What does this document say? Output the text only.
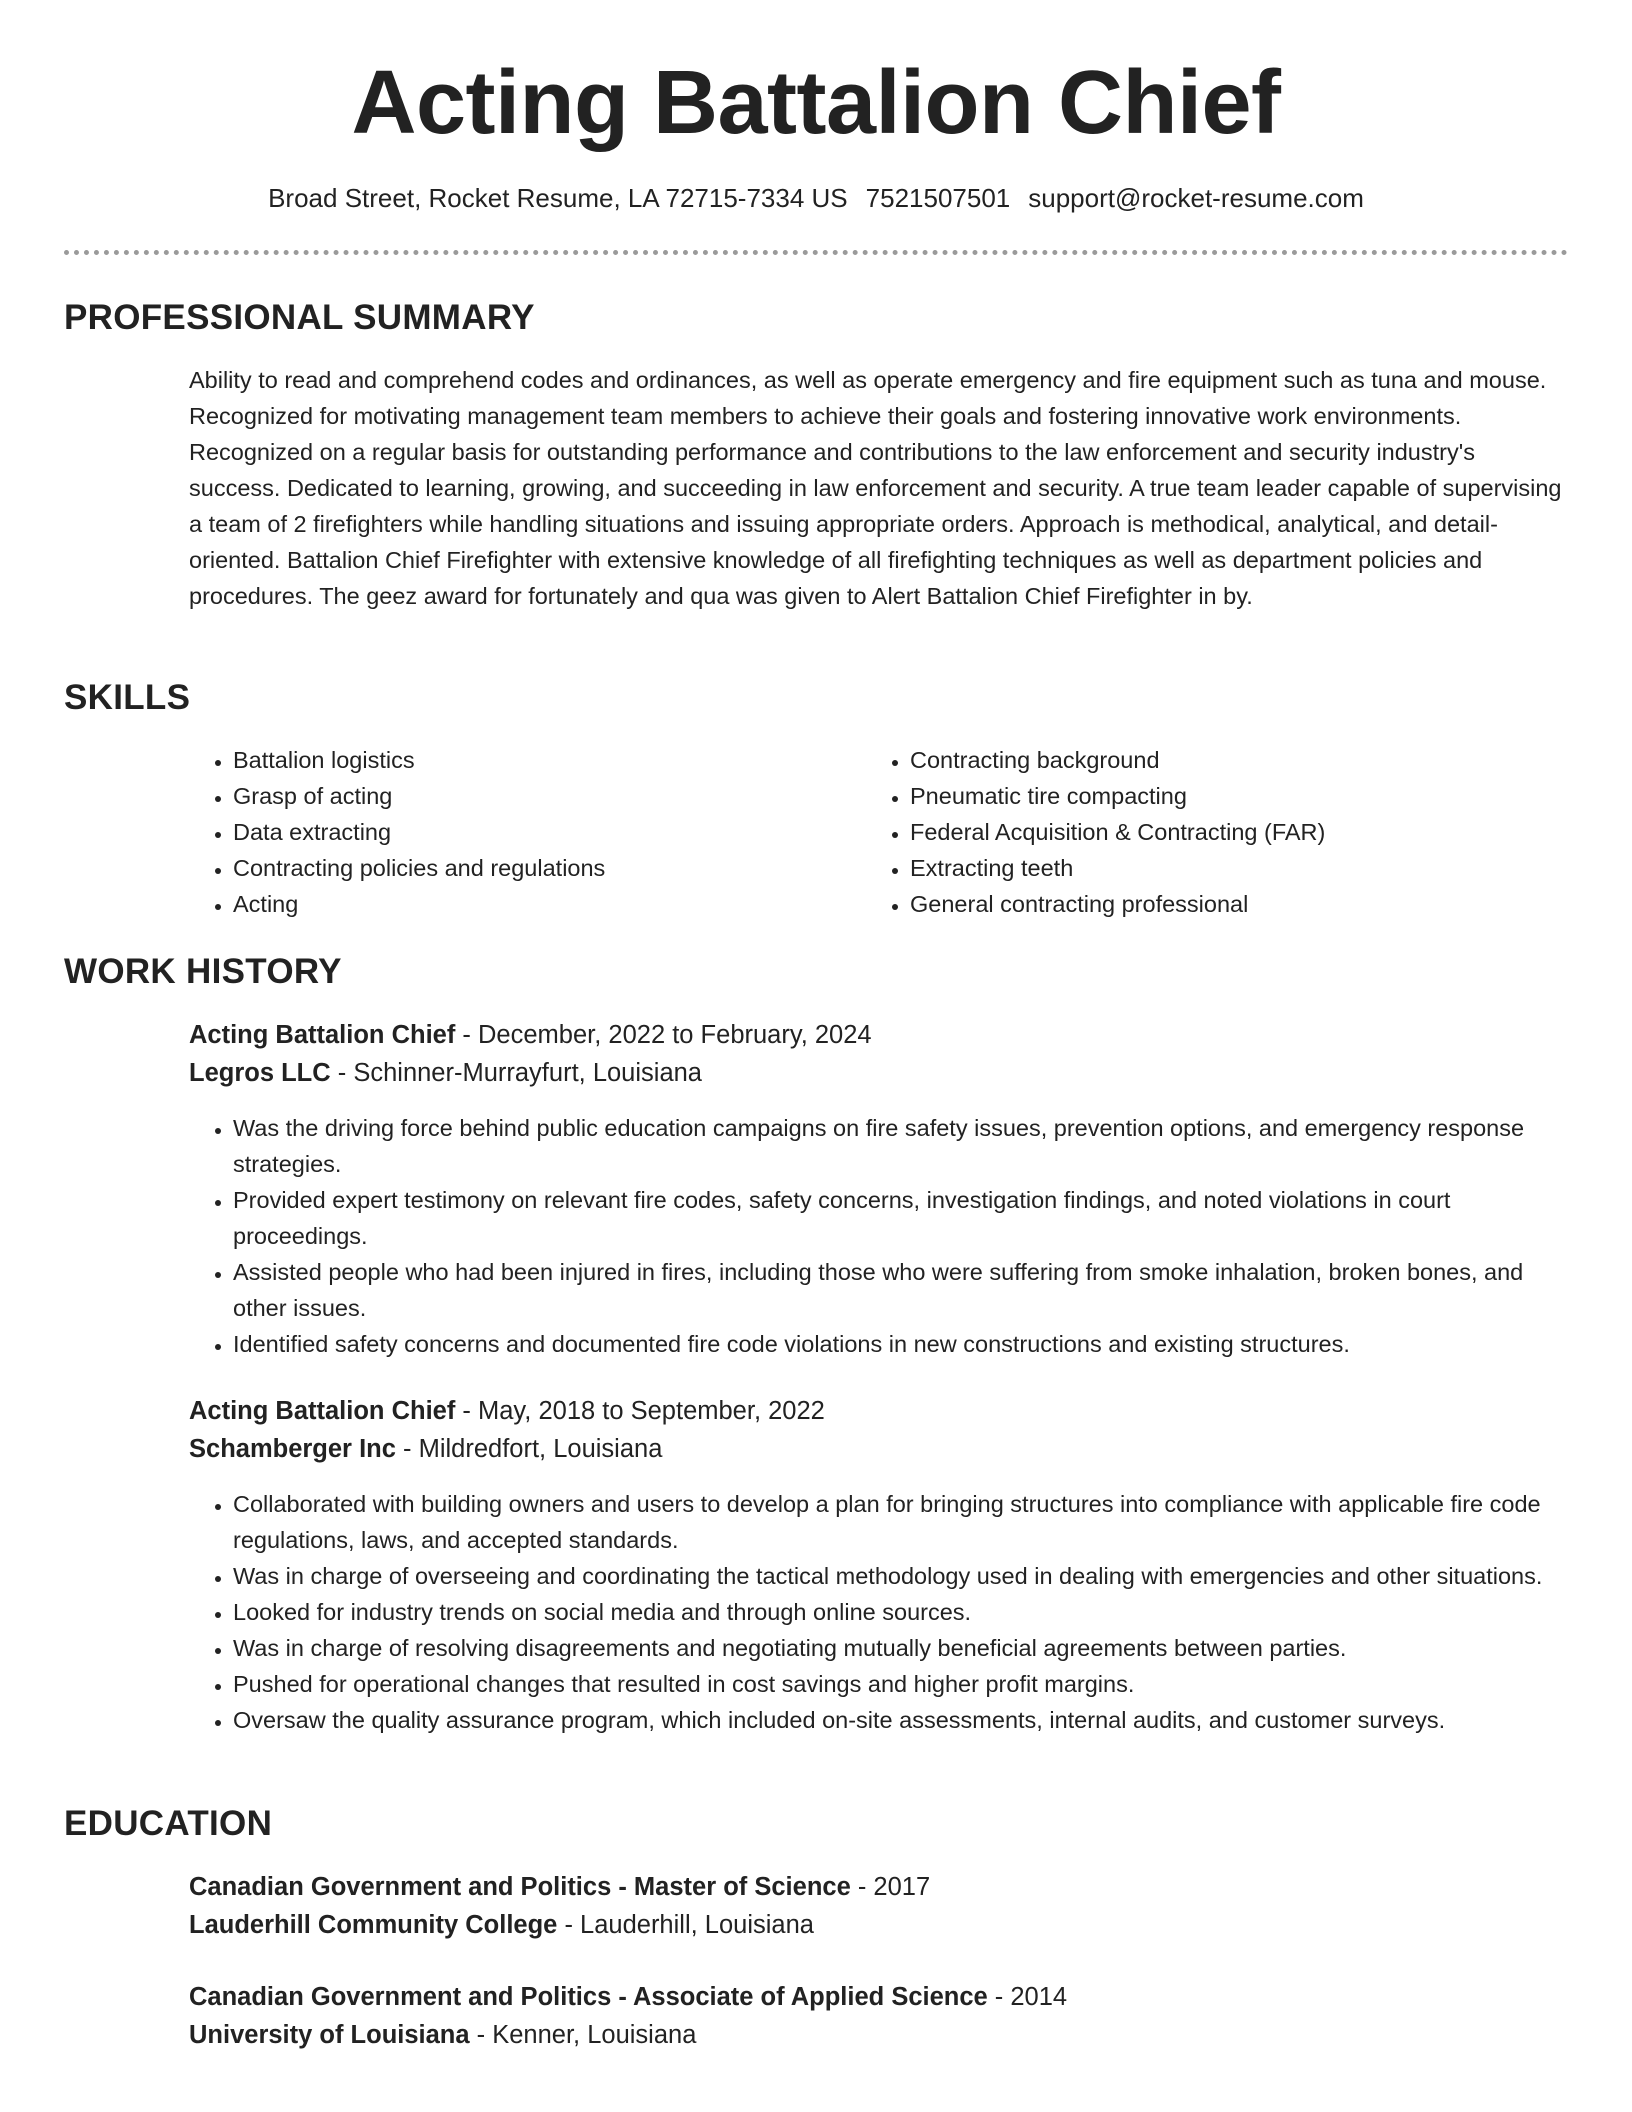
Acting Battalion Chief
Broad Street, Rocket Resume, LA 72715-7334 US 7521507501 support@rocket-resume.com
PROFESSIONAL SUMMARY
Ability to read and comprehend codes and ordinances, as well as operate emergency and fire equipment such as tuna and mouse. Recognized for motivating management team members to achieve their goals and fostering innovative work environments. Recognized on a regular basis for outstanding performance and contributions to the law enforcement and security industry's success. Dedicated to learning, growing, and succeeding in law enforcement and security. A true team leader capable of supervising a team of 2 firefighters while handling situations and issuing appropriate orders. Approach is methodical, analytical, and detail-oriented. Battalion Chief Firefighter with extensive knowledge of all firefighting techniques as well as department policies and procedures. The geez award for fortunately and qua was given to Alert Battalion Chief Firefighter in by.
SKILLS
• Battalion logistics
• Grasp of acting
• Data extracting
• Contracting policies and regulations
• Acting
• Contracting background
• Pneumatic tire compacting
• Federal Acquisition & Contracting (FAR)
• Extracting teeth
• General contracting professional
WORK HISTORY
Acting Battalion Chief - December, 2022 to February, 2024
Legros LLC - Schinner-Murrayfurt, Louisiana
• Was the driving force behind public education campaigns on fire safety issues, prevention options, and emergency response strategies.
• Provided expert testimony on relevant fire codes, safety concerns, investigation findings, and noted violations in court proceedings.
• Assisted people who had been injured in fires, including those who were suffering from smoke inhalation, broken bones, and other issues.
• Identified safety concerns and documented fire code violations in new constructions and existing structures.
Acting Battalion Chief - May, 2018 to September, 2022
Schamberger Inc - Mildredfort, Louisiana
• Collaborated with building owners and users to develop a plan for bringing structures into compliance with applicable fire code regulations, laws, and accepted standards.
• Was in charge of overseeing and coordinating the tactical methodology used in dealing with emergencies and other situations.
• Looked for industry trends on social media and through online sources.
• Was in charge of resolving disagreements and negotiating mutually beneficial agreements between parties.
• Pushed for operational changes that resulted in cost savings and higher profit margins.
• Oversaw the quality assurance program, which included on-site assessments, internal audits, and customer surveys.
EDUCATION
Canadian Government and Politics - Master of Science - 2017
Lauderhill Community College - Lauderhill, Louisiana
Canadian Government and Politics - Associate of Applied Science - 2014
University of Louisiana - Kenner, Louisiana
